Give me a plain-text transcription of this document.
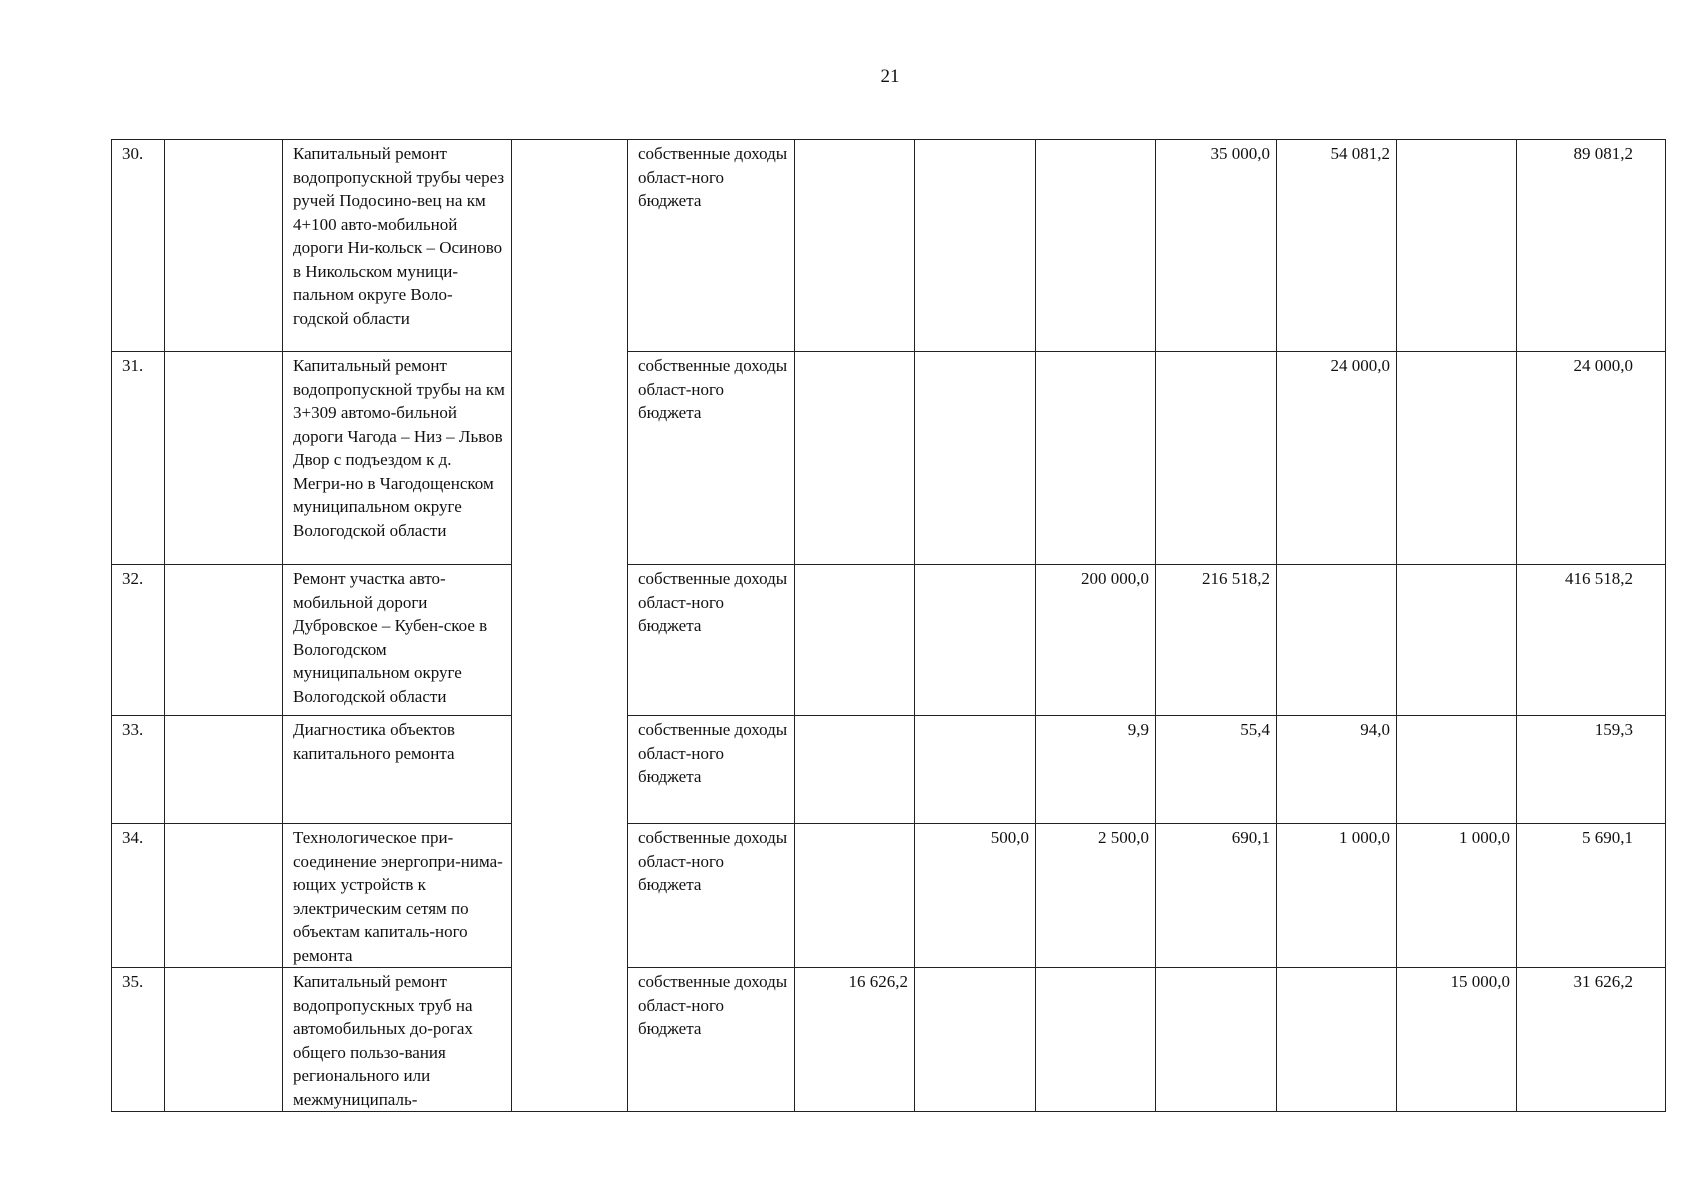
21
30.		Капитальный ремонт водопропускной трубы через ручей Подосино-вец на км 4+100 авто-мобильной дороги Ни-кольск – Осиново в Никольском муници-пальном округе Воло-годской области		собственные доходы област-ного бюджета				35 000,0	54 081,2		89 081,2
31.		Капитальный ремонт водопропускной трубы на км 3+309 автомо-бильной дороги Чагода – Низ – Львов Двор с подъездом к д. Мегри-но в Чагодощенском муниципальном округе Вологодской области		собственные доходы област-ного бюджета					24 000,0		24 000,0
32.		Ремонт участка авто-мобильной дороги Дубровское – Кубен-ское в Вологодском муниципальном округе Вологодской области		собственные доходы област-ного бюджета			200 000,0	216 518,2			416 518,2
33.		Диагностика объектов капитального ремонта		собственные доходы област-ного бюджета			9,9	55,4	94,0		159,3
34.		Технологическое при-соединение энергопри-нима-ющих устройств к электрическим сетям по объектам капиталь-ного ремонта		собственные доходы област-ного бюджета		500,0	2 500,0	690,1	1 000,0	1 000,0	5 690,1
35.		Капитальный ремонт водопропускных труб на автомобильных до-рогах общего пользо-вания регионального или межмуниципаль-		собственные доходы област-ного бюджета	16 626,2					15 000,0	31 626,2
